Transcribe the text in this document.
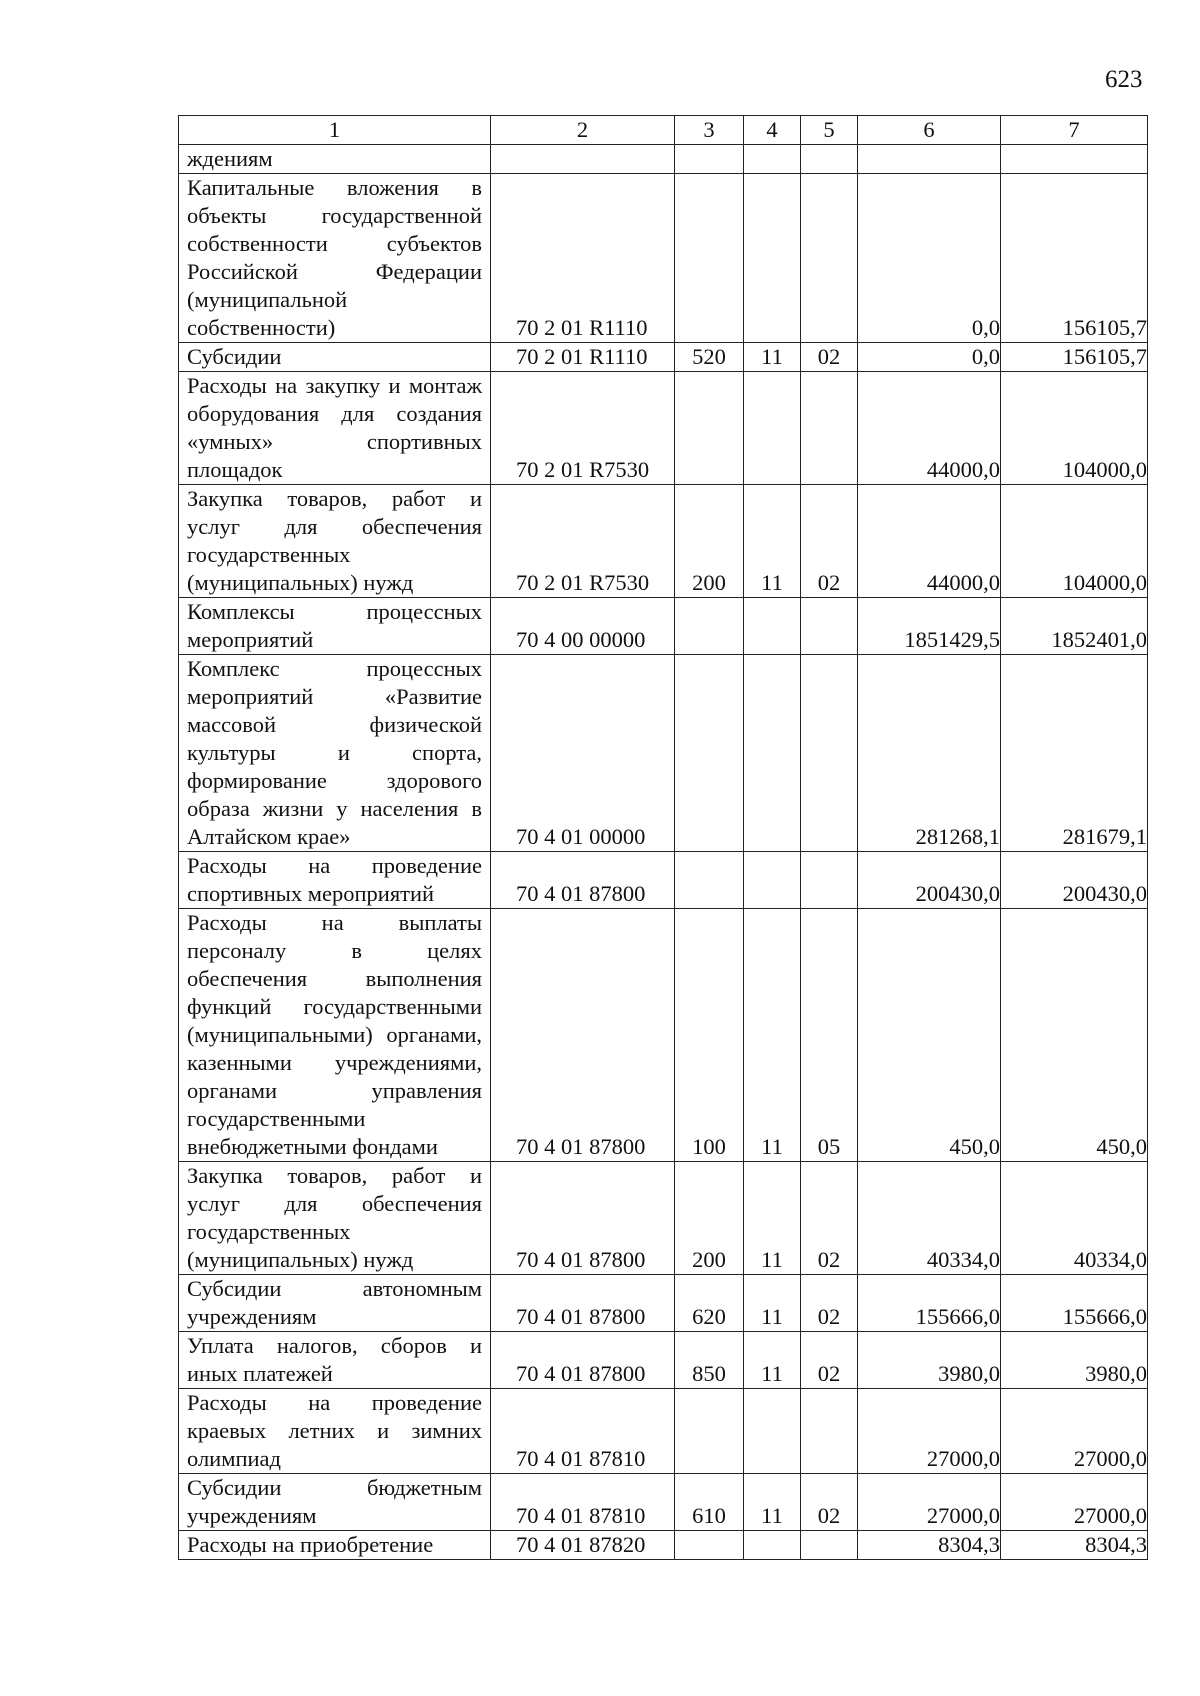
623
1	2	3	4	5	6	7
ждениям						
Капитальные вложения в объекты государственной собственности субъектов Российской Федерации (муниципальной собственности)	70 2 01 R1110				0,0	156105,7
Субсидии	70 2 01 R1110	520	11	02	0,0	156105,7
Расходы на закупку и монтаж оборудования для создания «умных» спортивных площадок	70 2 01 R7530				44000,0	104000,0
Закупка товаров, работ и услуг для обеспечения государственных (муниципальных) нужд	70 2 01 R7530	200	11	02	44000,0	104000,0
Комплексы процессных мероприятий	70 4 00 00000				1851429,5	1852401,0
Комплекс процессных мероприятий «Развитие массовой физической культуры и спорта, формирование здорового образа жизни у населения в Алтайском крае»	70 4 01 00000				281268,1	281679,1
Расходы на проведение спортивных мероприятий	70 4 01 87800				200430,0	200430,0
Расходы на выплаты персоналу в целях обеспечения выполнения функций государственными (муниципальными) органами, казенными учреждениями, органами управления государственными внебюджетными фондами	70 4 01 87800	100	11	05	450,0	450,0
Закупка товаров, работ и услуг для обеспечения государственных (муниципальных) нужд	70 4 01 87800	200	11	02	40334,0	40334,0
Субсидии автономным учреждениям	70 4 01 87800	620	11	02	155666,0	155666,0
Уплата налогов, сборов и иных платежей	70 4 01 87800	850	11	02	3980,0	3980,0
Расходы на проведение краевых летних и зимних олимпиад	70 4 01 87810				27000,0	27000,0
Субсидии бюджетным учреждениям	70 4 01 87810	610	11	02	27000,0	27000,0
Расходы на приобретение	70 4 01 87820				8304,3	8304,3
